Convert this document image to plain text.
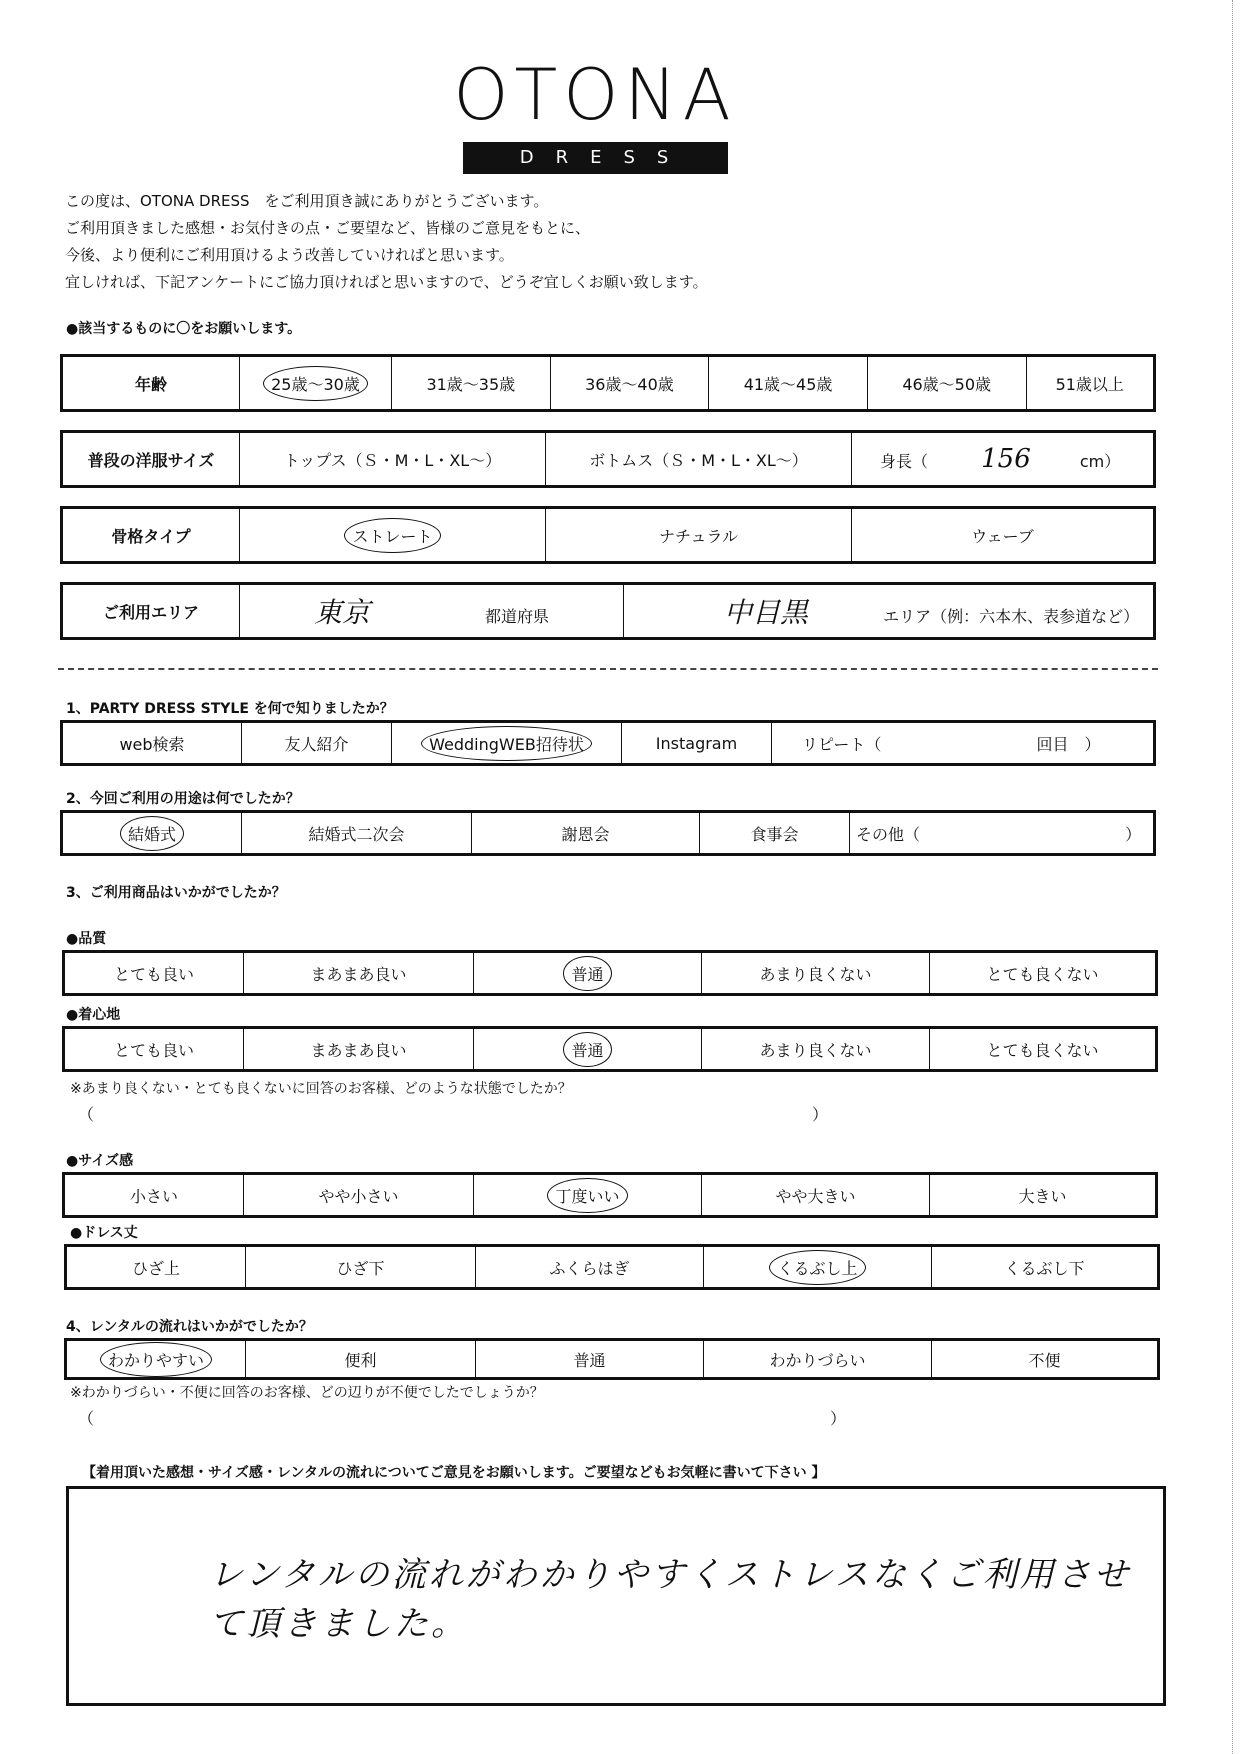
OTONA
DRESS
この度は、OTONA DRESS　をご利用頂き誠にありがとうございます。
ご利用頂きました感想・お気付きの点・ご要望など、皆様のご意見をもとに、
今後、より便利にご利用頂けるよう改善していければと思います。
宜しければ、下記アンケートにご協力頂ければと思いますので、どうぞ宜しくお願い致します。
●該当するものに〇をお願いします。
年齢	25歳～30歳	31歳～35歳	36歳～40歳	41歳～45歳	46歳～50歳	51歳以上
普段の洋服サイズ	トップス（Ｓ・M・L・XL～）	ボトムス（Ｓ・M・L・XL～）	身長（ 156	cm）
骨格タイプ	ストレート	ナチュラル	ウェーブ
ご利用エリア	東京	都道府県	中目黒	エリア（例：六本木、表参道など）
1、PARTY DRESS STYLE を何で知りましたか？
web検索	友人紹介	WeddingWEB招待状	Instagram	リピート（	回目　）
2、今回ご利用の用途は何でしたか？
結婚式	結婚式二次会	謝恩会	食事会	その他（	）
3、ご利用商品はいかがでしたか？
●品質
とても良い	まあまあ良い	普通	あまり良くない	とても良くない
●着心地
とても良い	まあまあ良い	普通	あまり良くない	とても良くない
※あまり良くない・とても良くないに回答のお客様、どのような状態でしたか？
（	）
●サイズ感
小さい	やや小さい	丁度いい	やや大きい	大きい
●ドレス丈
ひざ上	ひざ下	ふくらはぎ	くるぶし上	くるぶし下
4、レンタルの流れはいかがでしたか？
わかりやすい	便利	普通	わかりづらい	不便
※わかりづらい・不便に回答のお客様、どの辺りが不便でしたでしょうか？
（	）
【着用頂いた感想・サイズ感・レンタルの流れについてご意見をお願いします。ご要望などもお気軽に書いて下さい 】
レンタルの流れがわかりやすくストレスなくご利用させて頂きました。
